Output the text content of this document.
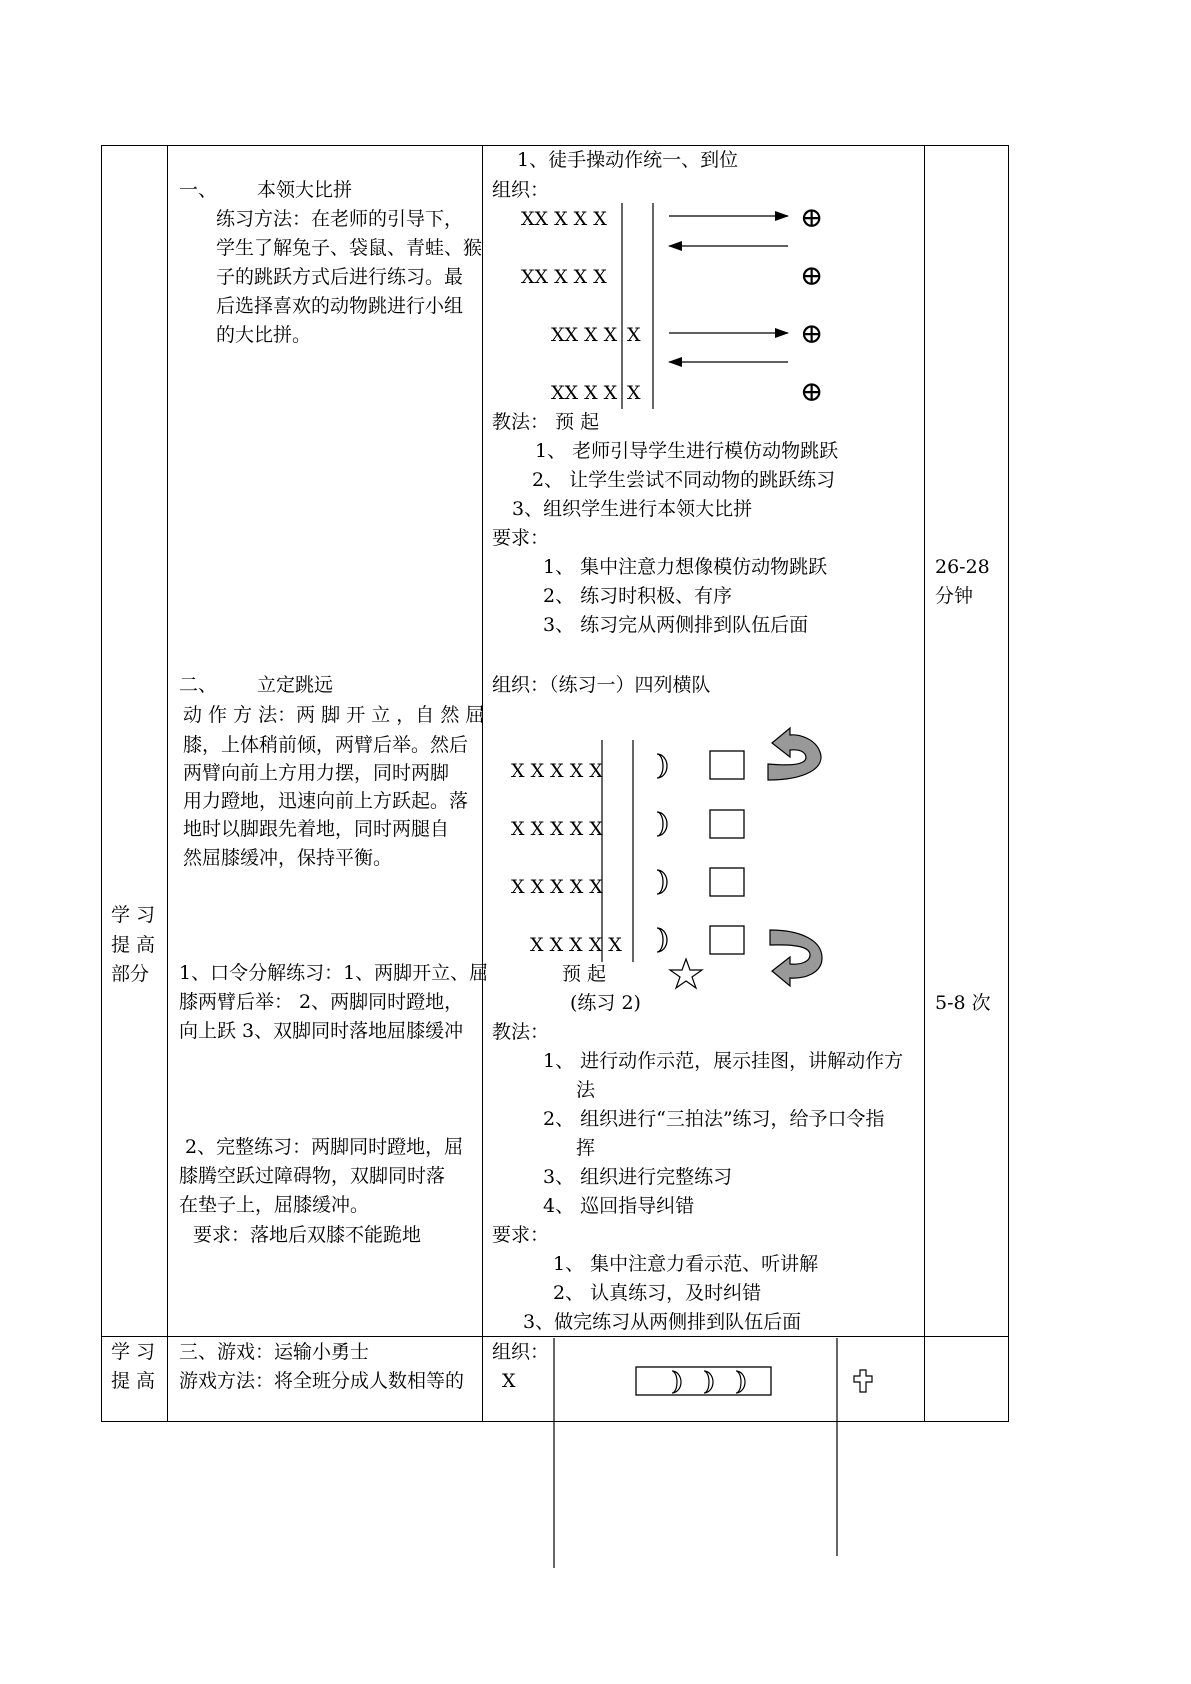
学 习
提 高
部分
学 习
提 高
一、 本领大比拼
练习方法：在老师的引导下，
学生了解兔子、袋鼠、青蛙、猴
子的跳跃方式后进行练习。最
后选择喜欢的动物跳进行小组
的大比拼。
二、 立定跳远
动 作 方 法：两 脚 开 立 ，自 然 屈
膝，上体稍前倾，两臂后举。然后
两臂向前上方用力摆，同时两脚
用力蹬地，迅速向前上方跃起。落
地时以脚跟先着地，同时两腿自
然屈膝缓冲，保持平衡。
1、口令分解练习：1、两脚开立、屈
膝两臂后举： 2、两脚同时蹬地，
向上跃 3、双脚同时落地屈膝缓冲
2、完整练习：两脚同时蹬地，屈
膝腾空跃过障碍物，双脚同时落
在垫子上，屈膝缓冲。
要求：落地后双膝不能跪地
三、游戏：运输小勇士
游戏方法：将全班分成人数相等的
1、徒手操动作统一、到位
组织：
XX X X X
XX X X X
XX X X X
XX X X X
⊕
⊕
⊕
⊕
教法： 预 起
1、 老师引导学生进行模仿动物跳跃
2、 让学生尝试不同动物的跳跃练习
3、组织学生进行本领大比拼
要求：
1、 集中注意力想像模仿动物跳跃
2、 练习时积极、有序
3、 练习完从两侧排到队伍后面
组织：（练习一）四列横队
X X X X X
X X X X X
X X X X X
X X X X X
预 起
(练习 2)
教法：
1、 进行动作示范，展示挂图，讲解动作方
法
2、 组织进行“三拍法”练习，给予口令指
挥
3、 组织进行完整练习
4、 巡回指导纠错
要求：
1、 集中注意力看示范、听讲解
2、 认真练习，及时纠错
3、做完练习从两侧排到队伍后面
组织：
X
26-28
分钟
5-8 次
